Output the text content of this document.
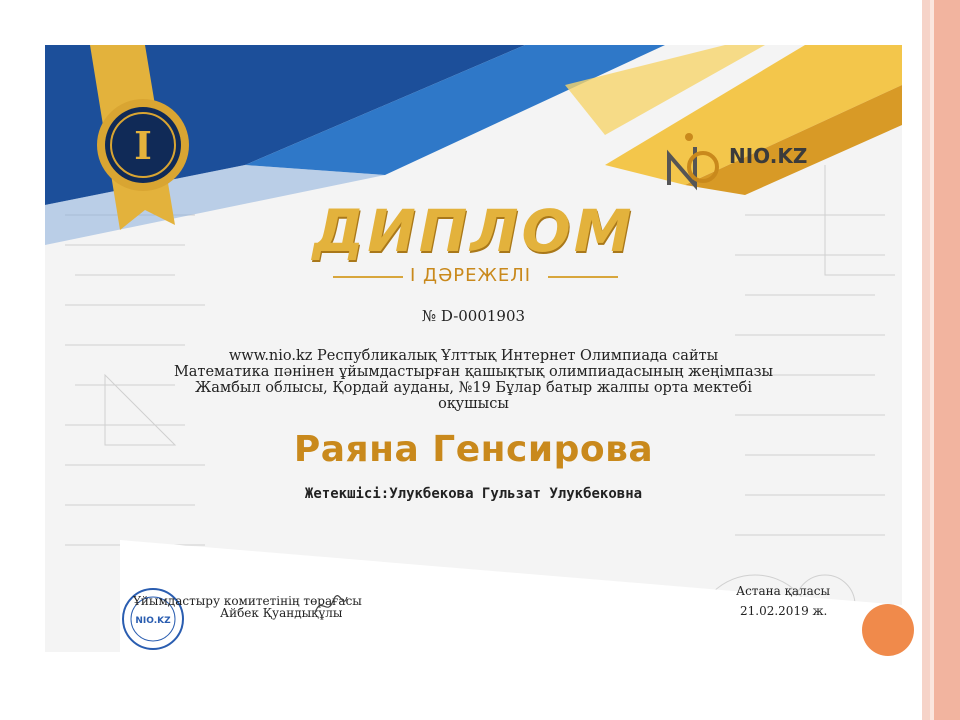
I	NIO.KZ
ДИПЛОМ
І ДӘРЕЖЕЛІ
№ D-0001903
www.nio.kz Республикалық Ұлттық Интернет Олимпиада сайты
Математика пәнінен ұйымдастырған қашықтық олимпиадасының жеңімпазы
Жамбыл облысы, Қордай ауданы, №19 Бұлар батыр жалпы орта мектебі
оқушысы
Раяна Генсирова
Жетекшісі:Улукбекова Гульзат Улукбековна
NIO.KZ
Ұйымдастыру комитетінің төрағасы
Айбек Қуандықұлы
Астана қаласы
21.02.2019 ж.
